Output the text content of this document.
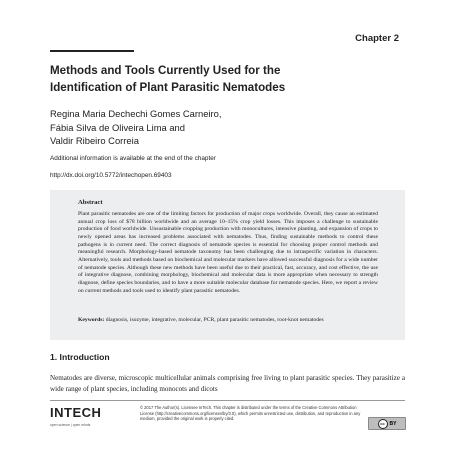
Chapter 2
Methods and Tools Currently Used for the
Identification of Plant Parasitic Nematodes
Regina Maria Dechechi Gomes Carneiro,
Fábia Silva de Oliveira Lima and
Valdir Ribeiro Correia
Additional information is available at the end of the chapter
http://dx.doi.org/10.5772/intechopen.69403
Abstract
Plant parasitic nematodes are one of the limiting factors for production of major crops worldwide. Overall, they cause an estimated annual crop loss of $78 billion worldwide and an average 10–15% crop yield losses. This imposes a challenge to sustainable production of food worldwide. Unsustainable cropping production with monocultures, intensive planting, and expansion of crops to newly opened areas has increased problems associated with nematodes. Thus, finding sustainable methods to control these pathogens is in current need. The correct diagnosis of nematode species is essential for choosing proper control methods and meaningful research. Morphology-based nematode taxonomy has been challenging due to intraspecific variation in characters. Alternatively, tools and methods based on biochemical and molecular markers have allowed successful diagnosis for a wide number of nematode species. Although these new methods have been useful due to their practical, fast, accuracy, and cost effective, the use of integrative diagnose, combining morphology, biochemical and molecular data is more appropriate when necessary to strength diagnose, define species boundaries, and to have a more suitable molecular database for nematode species. Here, we report a review on current methods and tools used to identify plant parasitic nematodes.
Keywords: diagnosis, isozyme, integrative, molecular, PCR, plant parasitic nematodes, root-knot nematodes
1. Introduction
Nematodes are diverse, microscopic multicellular animals comprising free living to plant parasitic species. They parasitize a wide range of plant species, including monocots and dicots
INTECH
open science | open minds
© 2017 The Author(s). Licensee InTech. This chapter is distributed under the terms of the Creative Commons Attribution License (http://creativecommons.org/licenses/by/3.0), which permits unrestricted use, distribution, and reproduction in any medium, provided the original work is properly cited.
cc BY
